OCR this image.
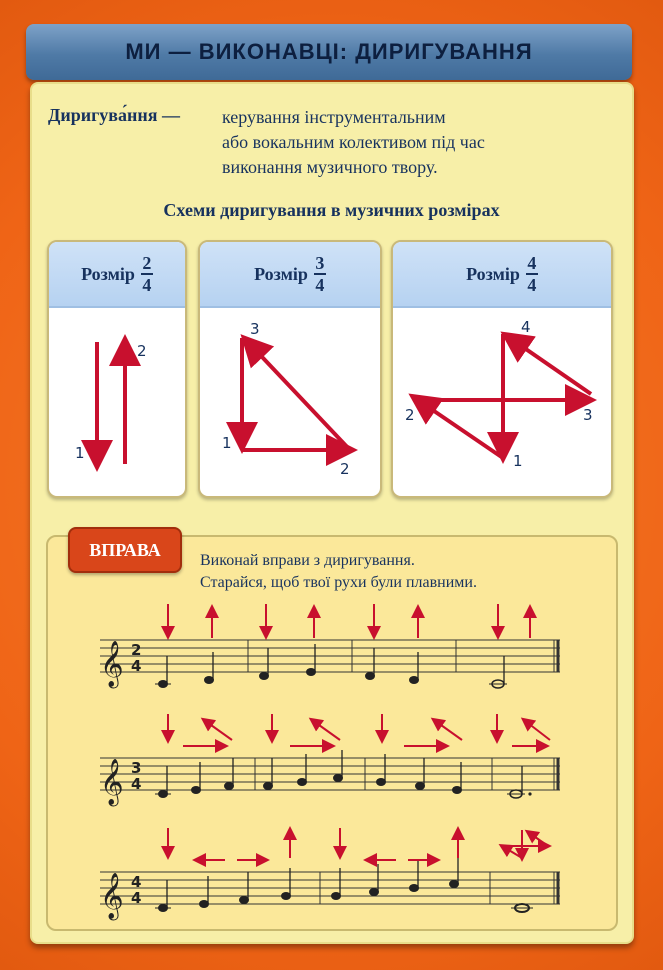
МИ — ВИКОНАВЦІ: ДИРИГУВАННЯ
Диригува́ння — керування інструментальним
або вокальним колективом під час
виконання музичного твору.
Схеми диригування в музичних розмірах
Розмір $\frac{2}{4}$
1
2
Розмір $\frac{3}{4}$
1
2
3
Розмір $\frac{4}{4}$
1
2	3
4
ВПРАВА
Виконай вправи з диригування.
Старайся, щоб твої рухи були плавними.
𝄞 2
4
𝄞 3
4
𝄞 4
4
